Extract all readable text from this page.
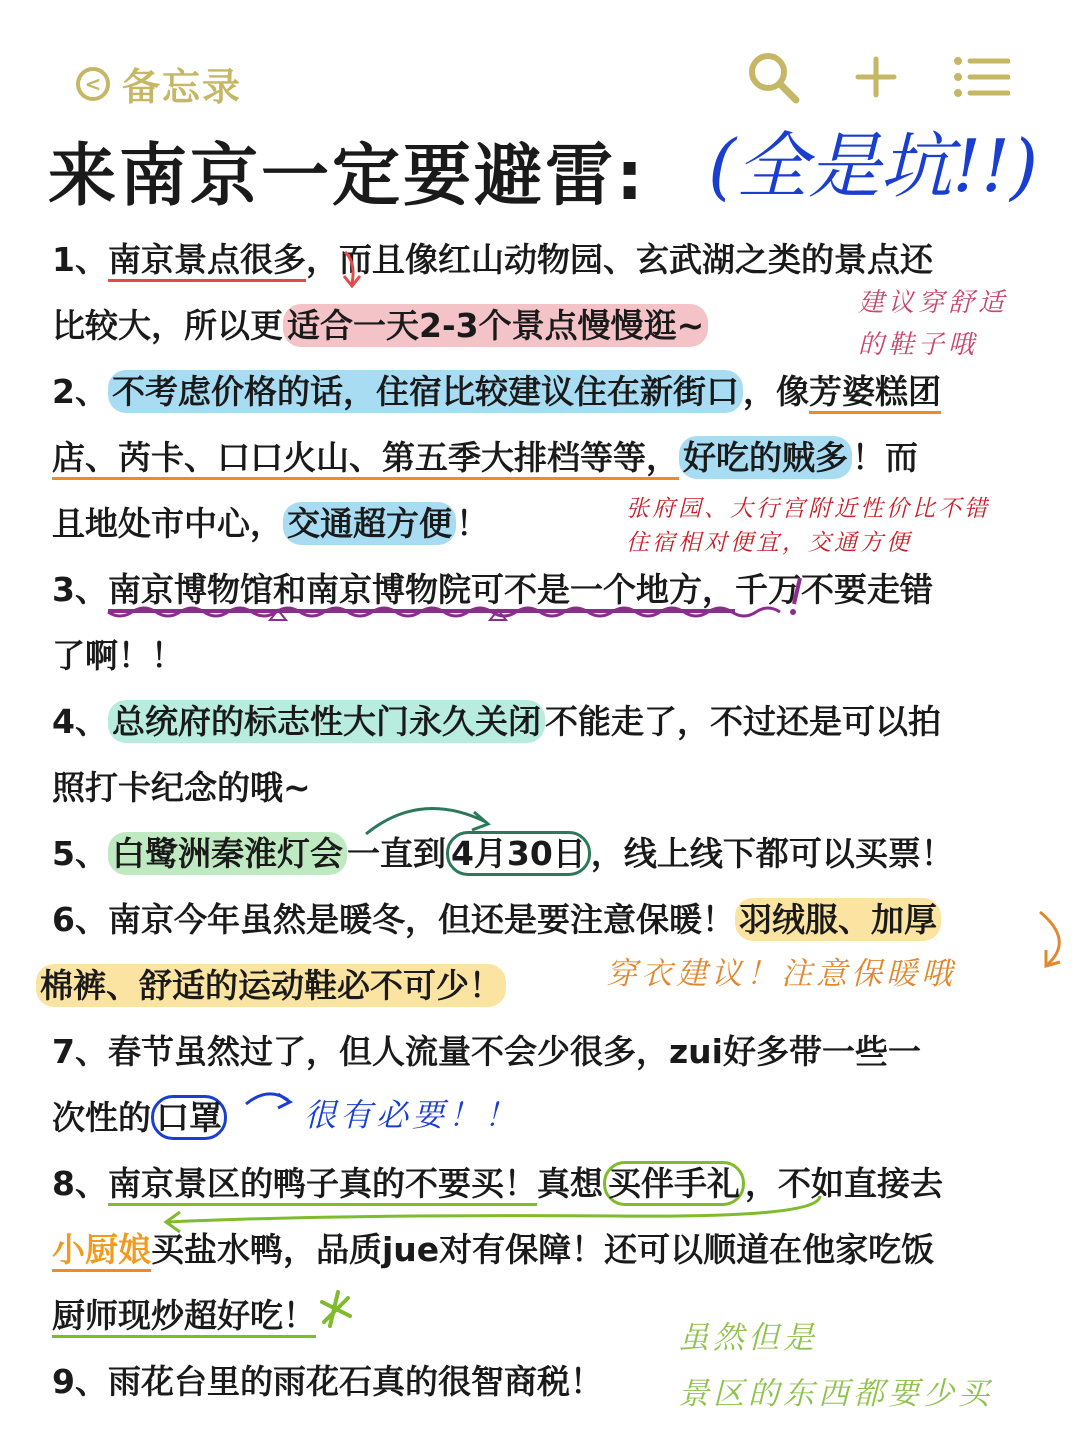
< 备忘录
来南京一定要避雷: (全是坑!!)
1、南京景点很多，而且像红山动物园、玄武湖之类的景点还
比较大，所以更 适合一天2-3个景点慢慢逛~
2、 不考虑价格的话，住宿比较建议住在新街口 ，像芳婆糕团
店、芮卡、口口火山、第五季大排档等等， 好吃的贼多 ！而
且地处市中心， 交通超方便 ！
3、南京博物馆和南京博物院可不是一个地方，千万不要走错
了啊！！
4、 总统府的标志性大门永久关闭 不能走了，不过还是可以拍
照打卡纪念的哦~
5、 白鹭洲秦淮灯会 一直到 4月30日 ，线上线下都可以买票！
6、南京今年虽然是暖冬，但还是要注意保暖！ 羽绒服、加厚
棉裤、舒适的运动鞋必不可少！
7、春节虽然过了，但人流量不会少很多，zui好多带一些一
次性的 口罩
8、南京景区的鸭子真的不要买！真想 买伴手礼 ，不如直接去
小厨娘买盐水鸭，品质jue对有保障！还可以顺道在他家吃饭
厨师现炒超好吃！
9、雨花台里的雨花石真的很智商税！
建议穿舒适
的鞋子哦
张府园、大行宫附近性价比不错
住宿相对便宜，交通方便
穿衣建议！注意保暖哦
很有必要！！
虽然但是
景区的东西都要少买
